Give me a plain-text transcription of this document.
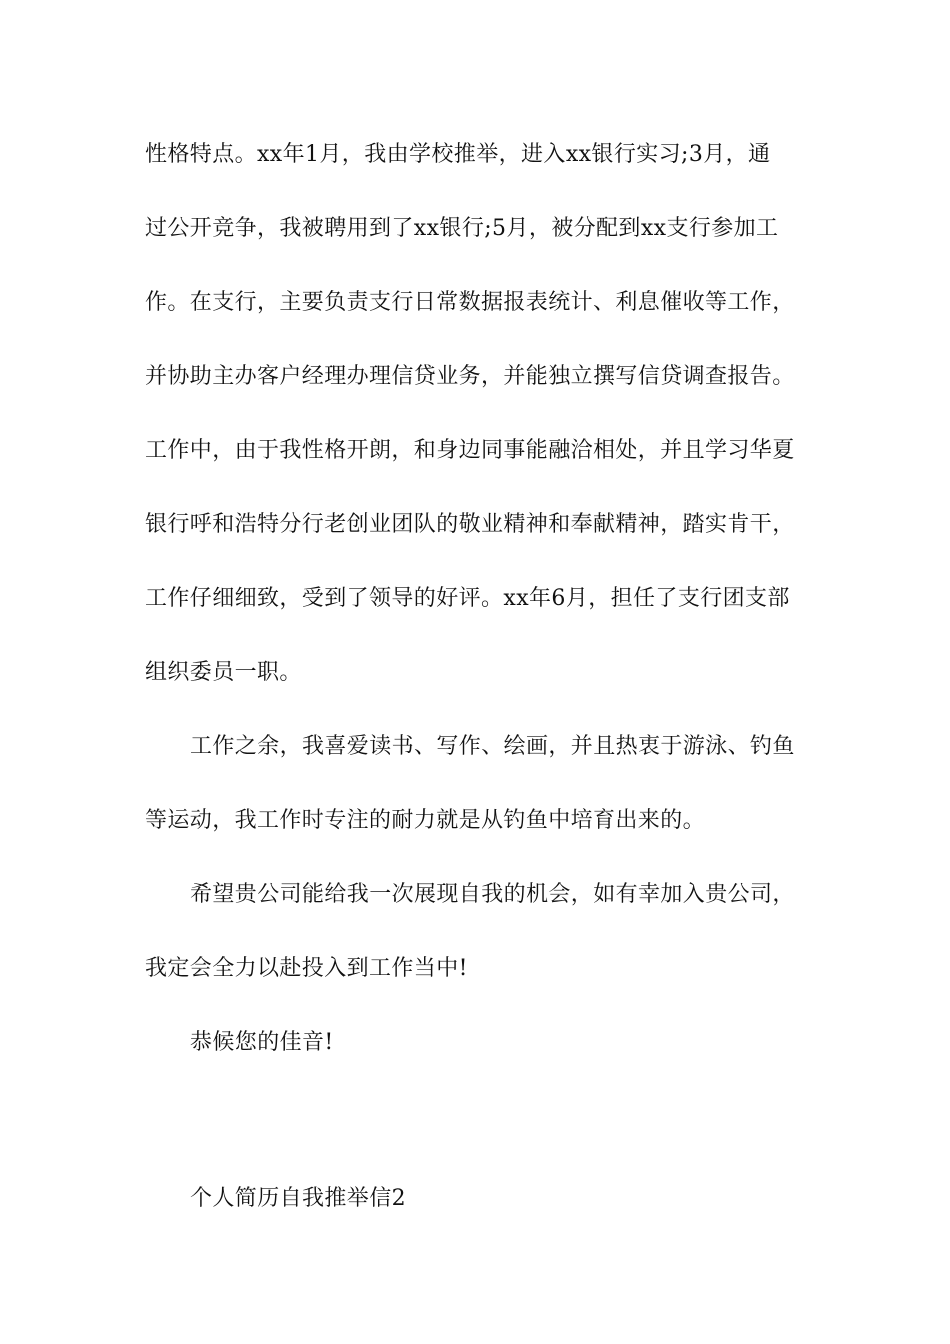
性格特点。xx年1月，我由学校推举，进入xx银行实习;3月，通
过公开竞争，我被聘用到了xx银行;5月，被分配到xx支行参加工
作。在支行，主要负责支行日常数据报表统计、利息催收等工作，
并协助主办客户经理办理信贷业务，并能独立撰写信贷调查报告。
工作中，由于我性格开朗，和身边同事能融洽相处，并且学习华夏
银行呼和浩特分行老创业团队的敬业精神和奉献精神，踏实肯干，
工作仔细细致，受到了领导的好评。xx年6月，担任了支行团支部
组织委员一职。
工作之余，我喜爱读书、写作、绘画，并且热衷于游泳、钓鱼
等运动，我工作时专注的耐力就是从钓鱼中培育出来的。
希望贵公司能给我一次展现自我的机会，如有幸加入贵公司，
我定会全力以赴投入到工作当中!
恭候您的佳音!
个人简历自我推举信2
